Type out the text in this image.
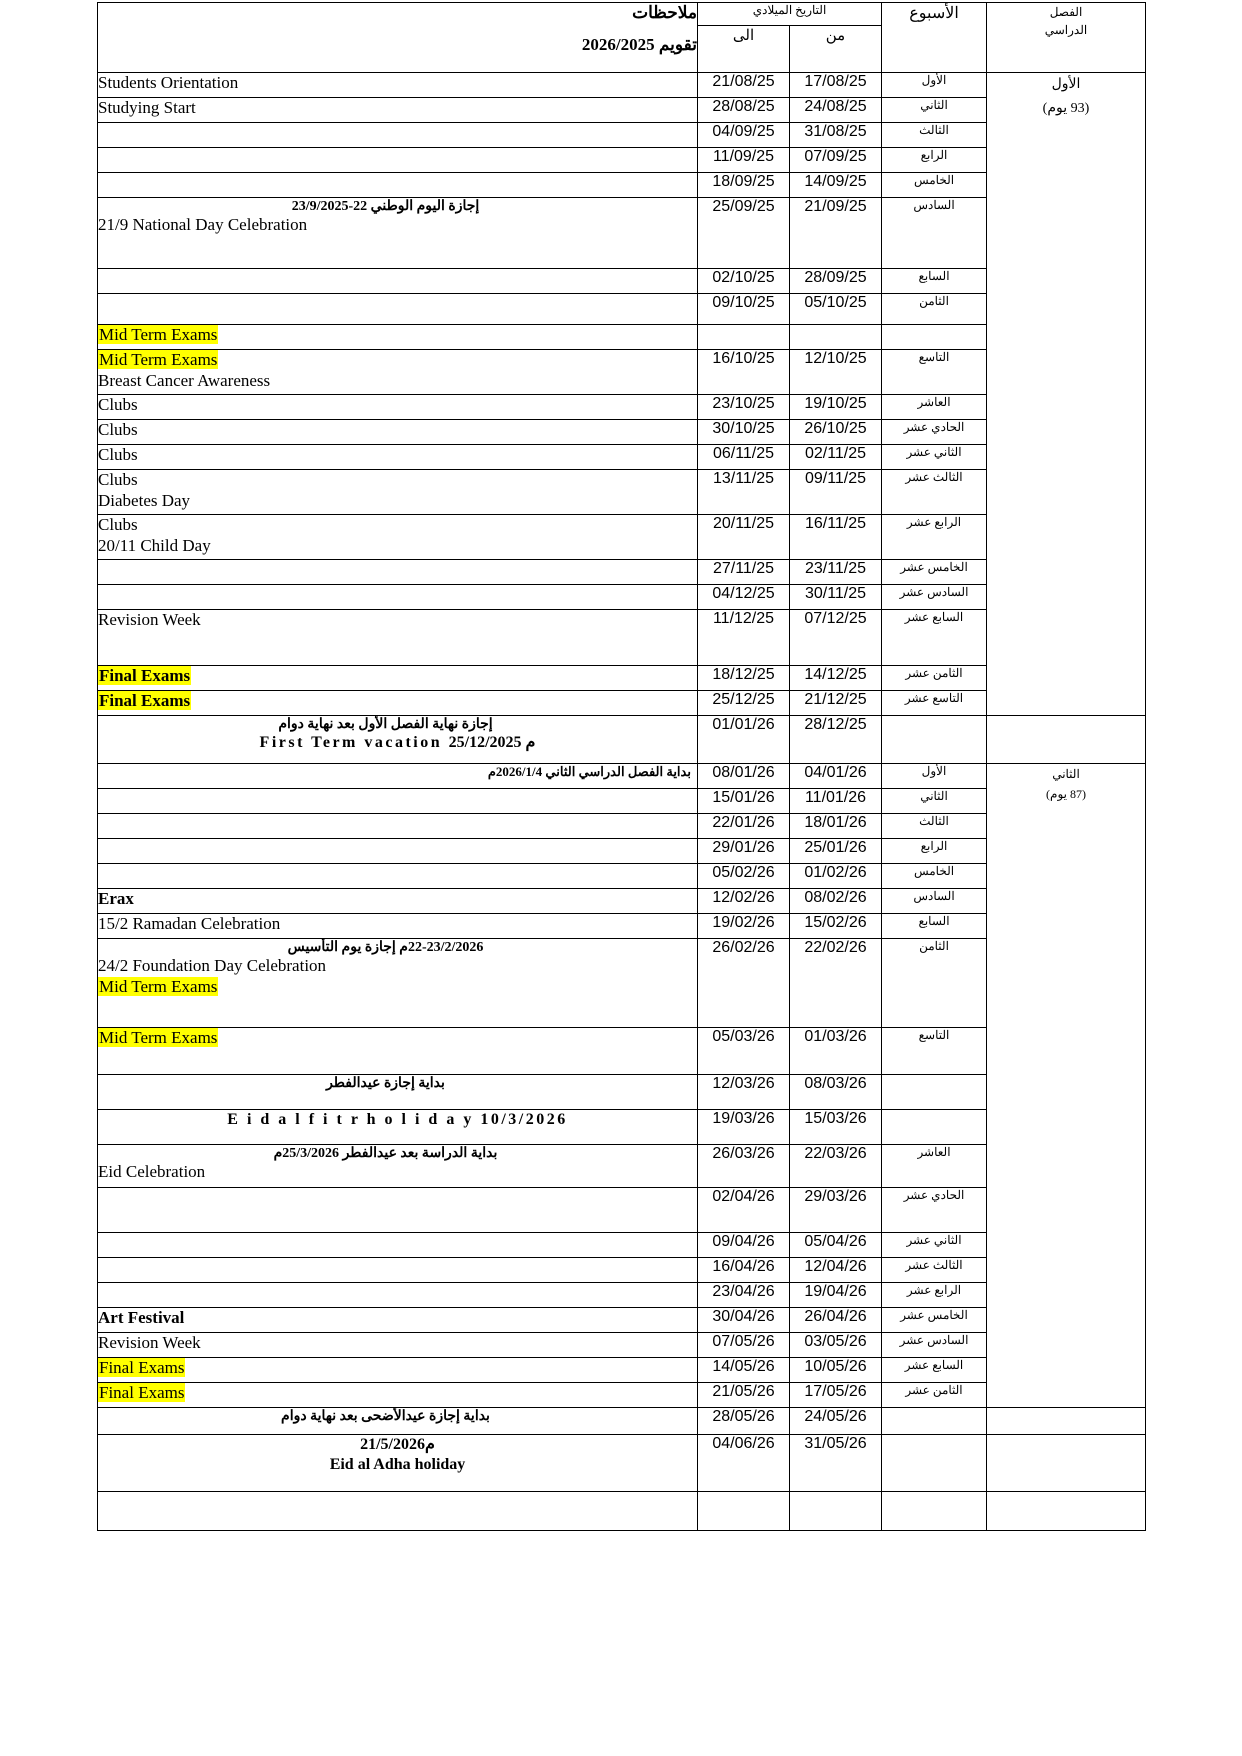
ملاحظات
تقويم 2026/2025
	التاريخ الميلادي	الأسبوع	الفصل
الدراسي
	الى	من		

Students Orientation	21/08/25	17/08/25	الأول	الأول
(93 يوم)

Studying Start	28/08/25	24/08/25	الثاني	
	04/09/25	31/08/25	الثالث	
	11/09/25	07/09/25	الرابع	
	18/09/25	14/09/25	الخامس	

إجازة اليوم الوطني 22-23/9/2025
21/9 National Day Celebration	25/09/25	21/09/25	السادس	
	02/10/25	28/09/25	السابع	
	09/10/25	05/10/25	الثامن	

Mid Term Exams				

Mid Term Exams
Breast Cancer Awareness	16/10/25	12/10/25	التاسع	

Clubs	23/10/25	19/10/25	العاشر	

Clubs	30/10/25	26/10/25	الحادي عشر	

Clubs	06/11/25	02/11/25	الثاني عشر	

Clubs
Diabetes Day	13/11/25	09/11/25	الثالث عشر	

Clubs
20/11 Child Day	20/11/25	16/11/25	الرابع عشر	
	27/11/25	23/11/25	الخامس عشر	
	04/12/25	30/11/25	السادس عشر	

Revision Week	11/12/25	07/12/25	السابع عشر	

Final Exams	18/12/25	14/12/25	الثامن عشر	

Final Exams	25/12/25	21/12/25	التاسع عشر	

إجازة نهاية الفصل الأول بعد نهاية دوام
First Term vacation م 25/12/2025	01/01/26	28/12/25		

بداية الفصل الدراسي الثاني 2026/1/4م	08/01/26	04/01/26	الأول	الثاني
(87 يوم)
	15/01/26	11/01/26	الثاني	
	22/01/26	18/01/26	الثالث	
	29/01/26	25/01/26	الرابع	
	05/02/26	01/02/26	الخامس	

Erax	12/02/26	08/02/26	السادس	

15/2 Ramadan Celebration	19/02/26	15/02/26	السابع	

22-23/2/2026م إجازة يوم التأسيس
24/2 Foundation Day Celebration
Mid Term Exams	26/02/26	22/02/26	الثامن	

Mid Term Exams	05/03/26	01/03/26	التاسع	

بداية إجازة عيدالفطر	12/03/26	08/03/26		

E i d a l f i t r h o l i d a y 10/3/2026	19/03/26	15/03/26		

بداية الدراسة بعد عيدالفطر 25/3/2026م
Eid Celebration	26/03/26	22/03/26	العاشر	
	02/04/26	29/03/26	الحادي عشر	
	09/04/26	05/04/26	الثاني عشر	
	16/04/26	12/04/26	الثالث عشر	
	23/04/26	19/04/26	الرابع عشر	

Art Festival	30/04/26	26/04/26	الخامس عشر	

Revision Week	07/05/26	03/05/26	السادس عشر	

Final Exams	14/05/26	10/05/26	السابع عشر	

Final Exams	21/05/26	17/05/26	الثامن عشر	

بداية إجازة عيدالأضحى بعد نهاية دوام	28/05/26	24/05/26		

21/5/2026م
Eid al Adha holiday	04/06/26	31/05/26		
